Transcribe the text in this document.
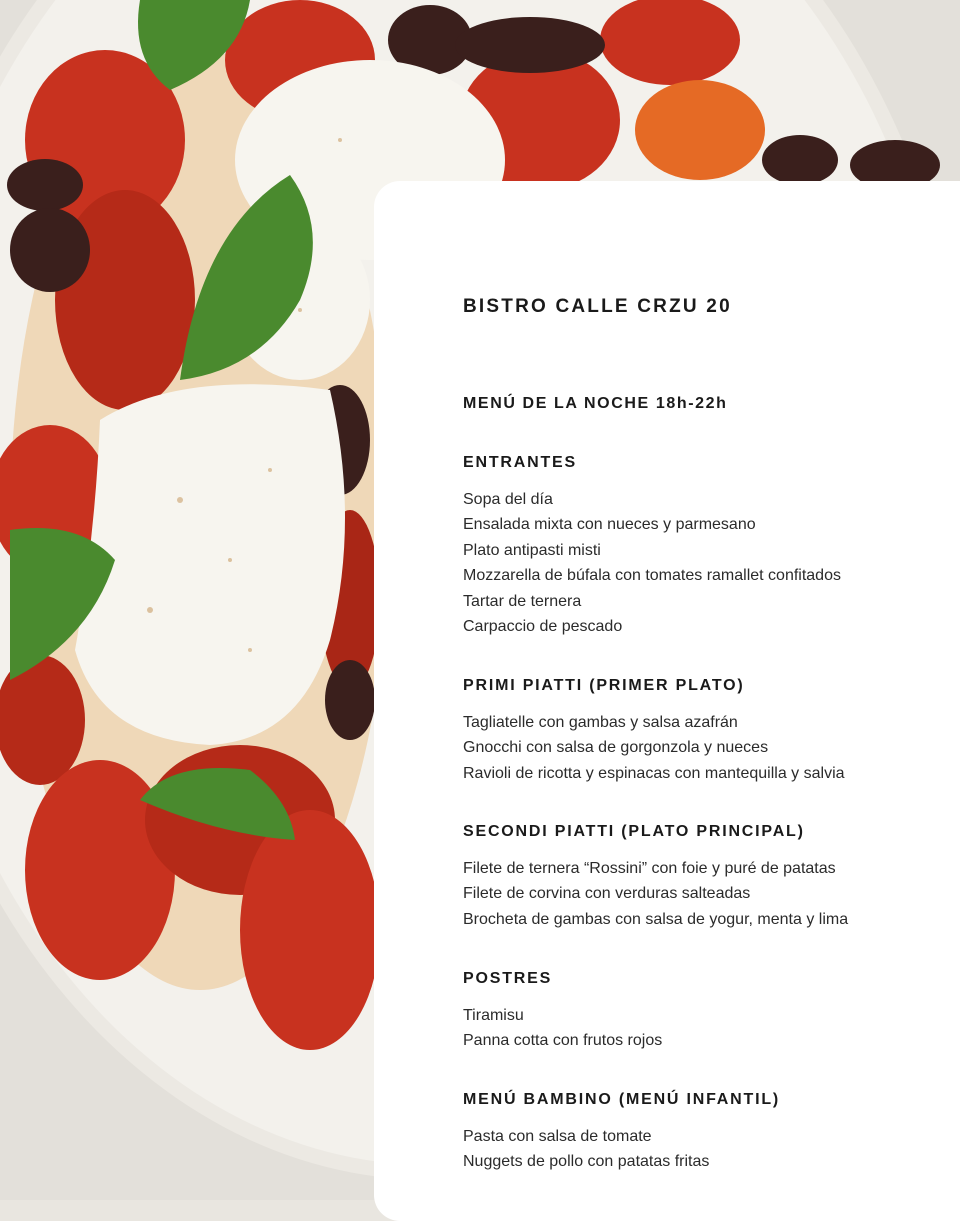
BISTRO CALLE CRZU 20
MENÚ DE LA NOCHE 18h-22h
ENTRANTES
Sopa del día
Ensalada mixta con nueces y parmesano
Plato antipasti misti
Mozzarella de búfala con tomates ramallet confitados
Tartar de ternera
Carpaccio de pescado
PRIMI PIATTI (PRIMER PLATO)
Tagliatelle con gambas y salsa azafrán
Gnocchi con salsa de gorgonzola y nueces
Ravioli de ricotta y espinacas con mantequilla y salvia
SECONDI PIATTI (PLATO PRINCIPAL)
Filete de ternera “Rossini” con foie y puré de patatas
Filete de corvina con verduras salteadas
Brocheta de gambas con salsa de yogur, menta y lima
POSTRES
Tiramisu
Panna cotta con frutos rojos
MENÚ BAMBINO (MENÚ INFANTIL)
Pasta con salsa de tomate
Nuggets de pollo con patatas fritas
